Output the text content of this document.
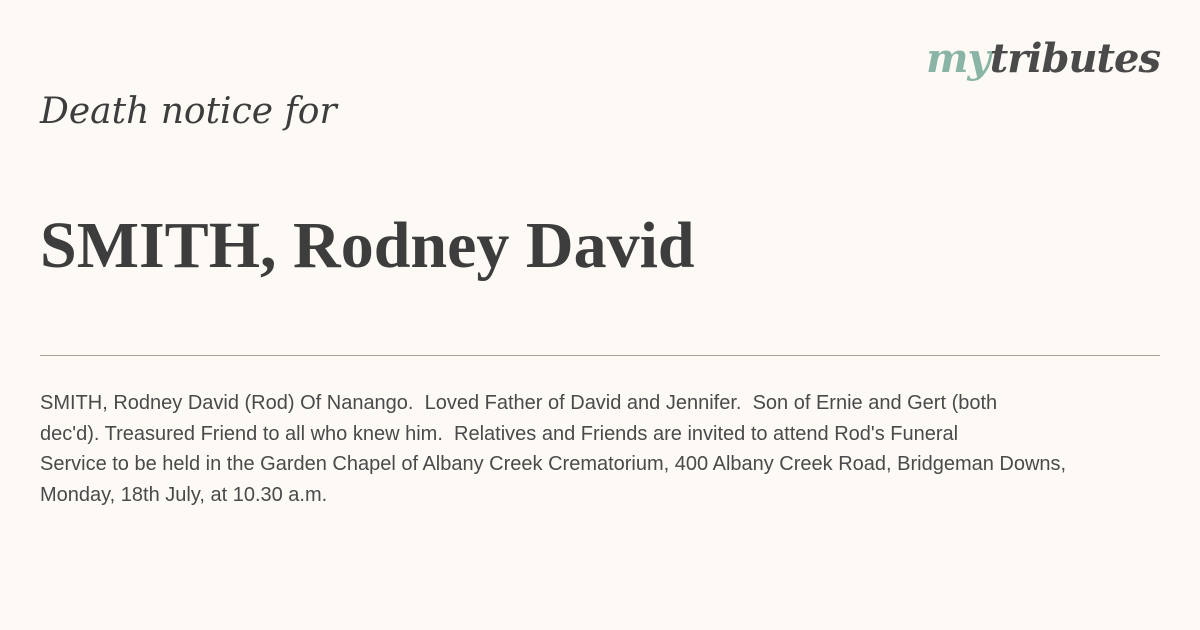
mytributes
Death notice for
SMITH, Rodney David

SMITH, Rodney David (Rod) Of Nanango.  Loved Father of David and Jennifer.  Son of Ernie and Gert (both
dec'd). Treasured Friend to all who knew him.  Relatives and Friends are invited to attend Rod's Funeral
Service to be held in the Garden Chapel of Albany Creek Crematorium, 400 Albany Creek Road, Bridgeman Downs,
Monday, 18th July, at 10.30 a.m.
